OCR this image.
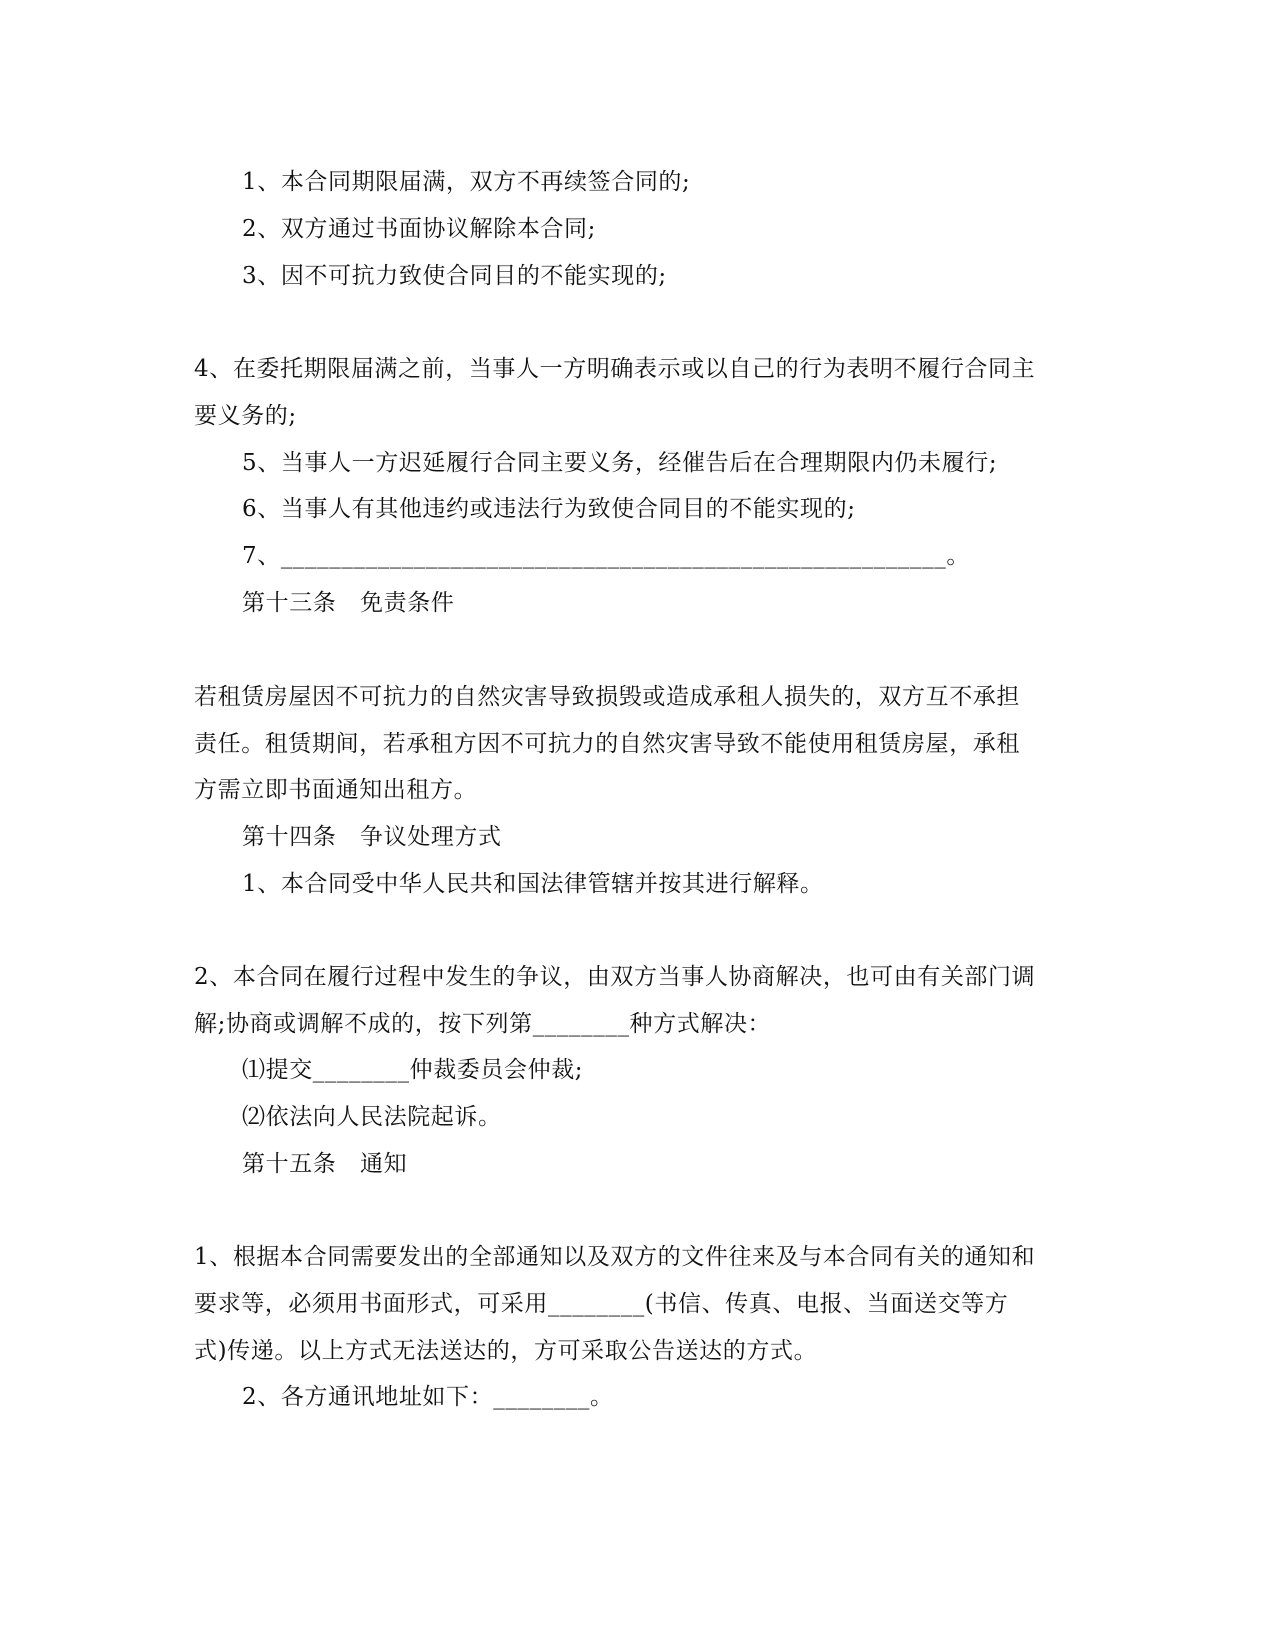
1、本合同期限届满，双方不再续签合同的;
2、双方通过书面协议解除本合同;
3、因不可抗力致使合同目的不能实现的;
4、在委托期限届满之前，当事人一方明确表示或以自己的行为表明不履行合同主
要义务的;
5、当事人一方迟延履行合同主要义务，经催告后在合理期限内仍未履行;
6、当事人有其他违约或违法行为致使合同目的不能实现的;
7、_______________________________________________________。
第十三条　免责条件
若租赁房屋因不可抗力的自然灾害导致损毁或造成承租人损失的，双方互不承担
责任。租赁期间，若承租方因不可抗力的自然灾害导致不能使用租赁房屋，承租
方需立即书面通知出租方。
第十四条　争议处理方式
1、本合同受中华人民共和国法律管辖并按其进行解释。
2、本合同在履行过程中发生的争议，由双方当事人协商解决，也可由有关部门调
解;协商或调解不成的，按下列第________种方式解决：
⑴提交________仲裁委员会仲裁;
⑵依法向人民法院起诉。
第十五条　通知
1、根据本合同需要发出的全部通知以及双方的文件往来及与本合同有关的通知和
要求等，必须用书面形式，可采用________(书信、传真、电报、当面送交等方
式)传递。以上方式无法送达的，方可采取公告送达的方式。
2、各方通讯地址如下：________。
